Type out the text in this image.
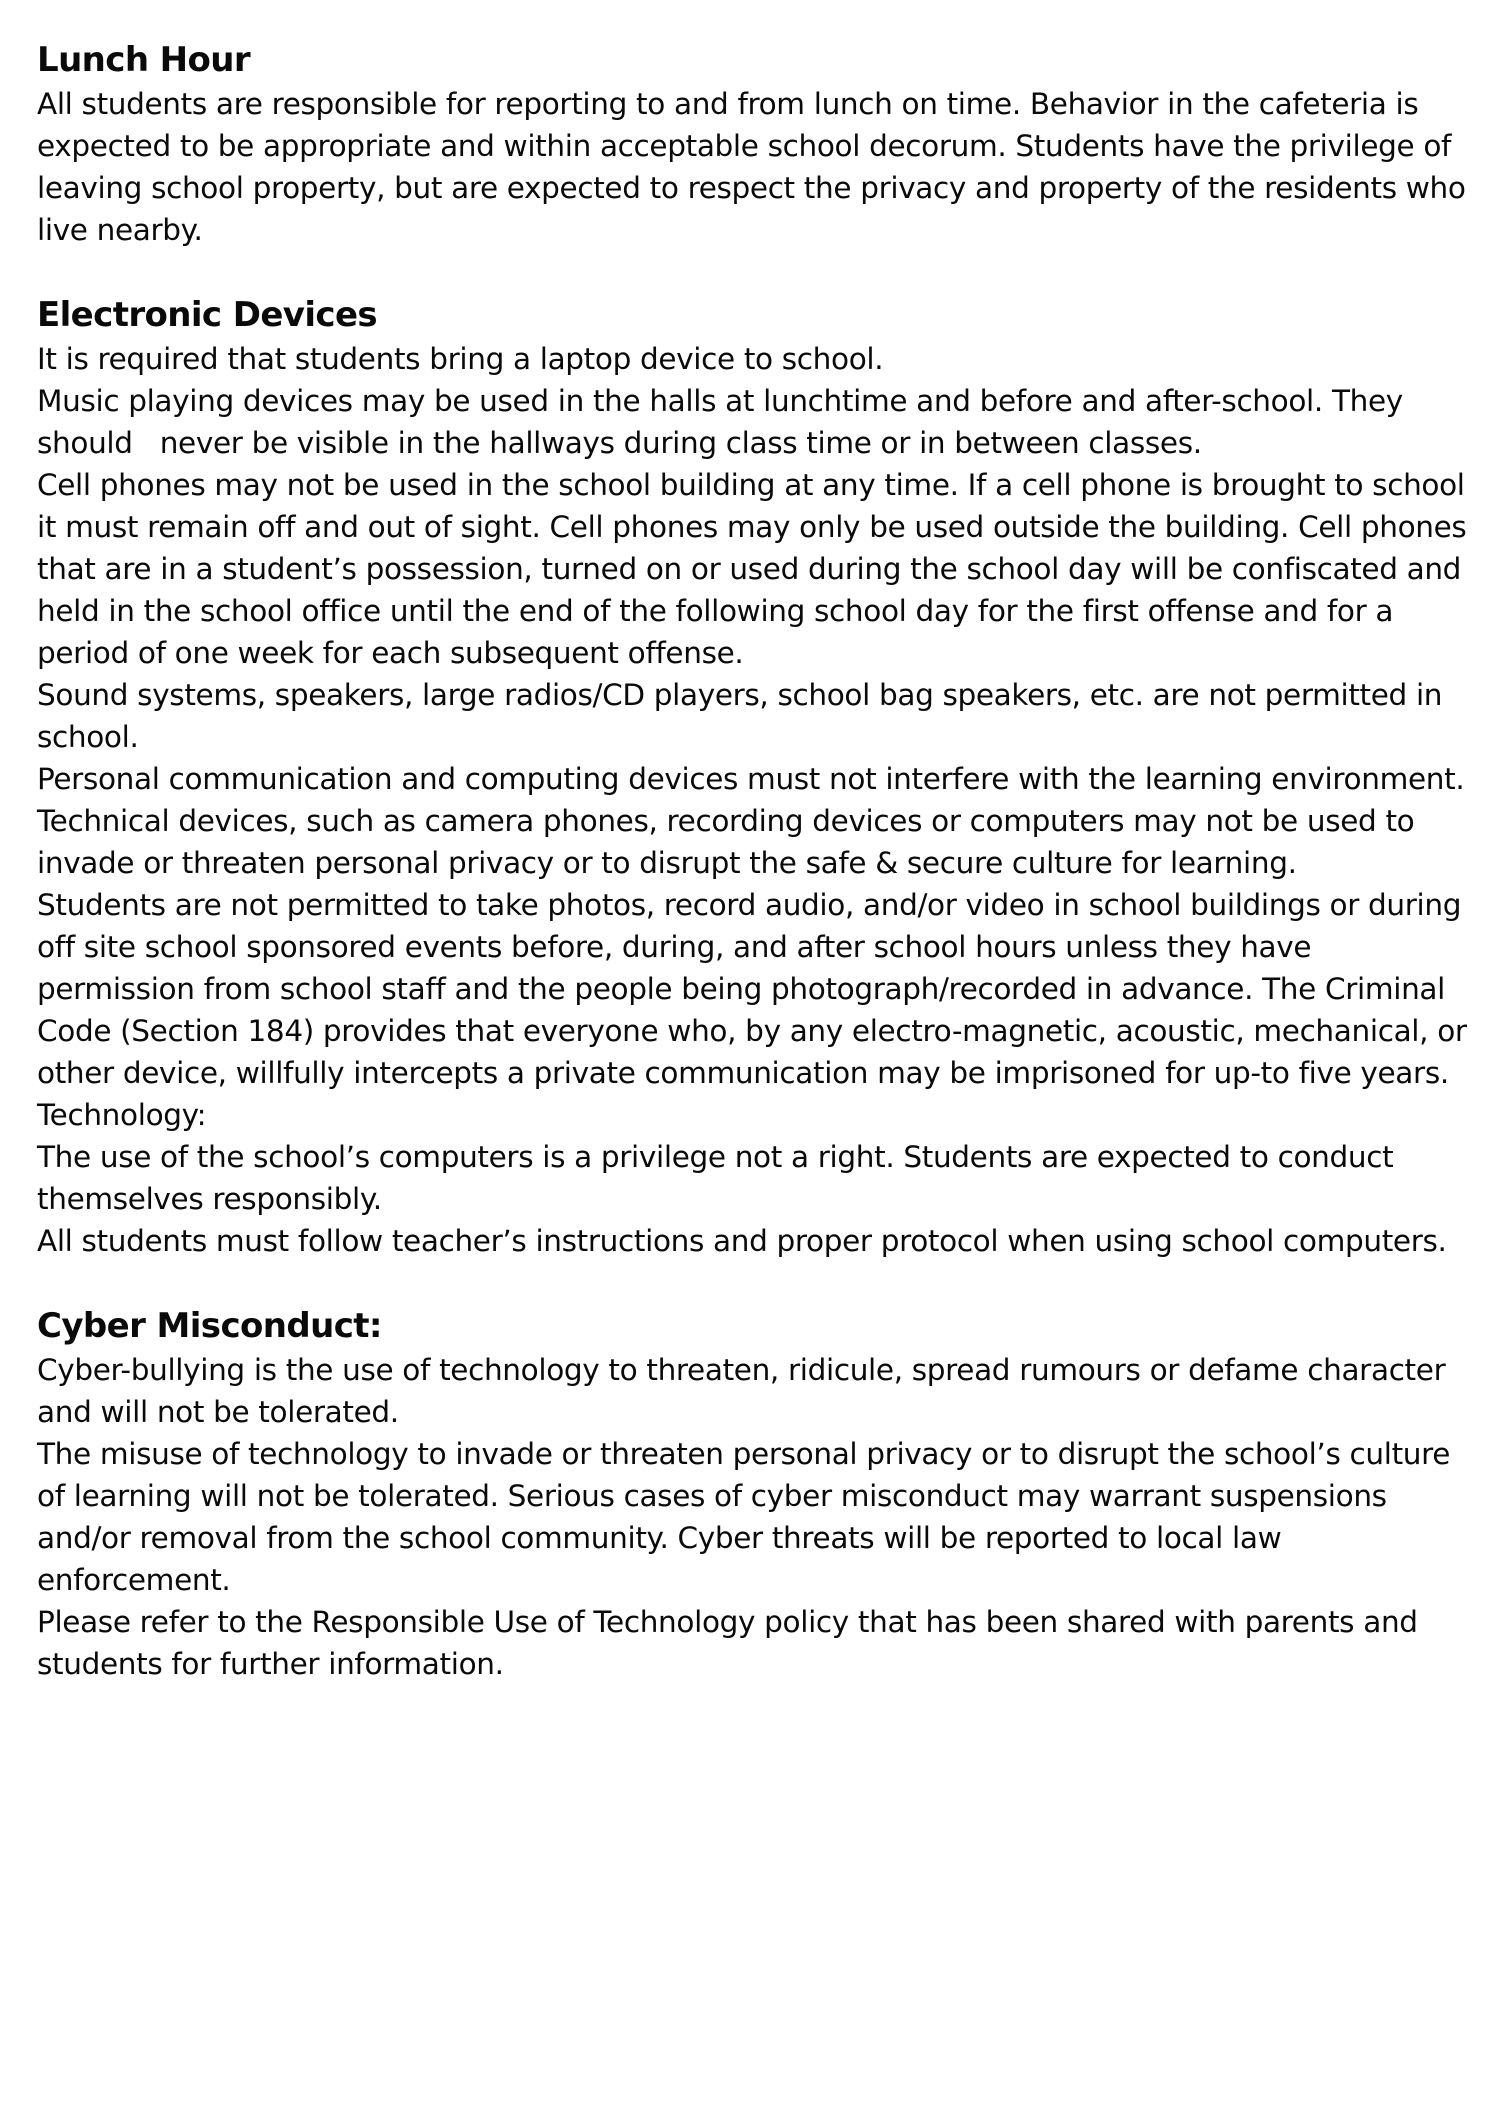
Lunch Hour

All students are responsible for reporting to and from lunch on time. Behavior in the cafeteria is expected to be appropriate and within acceptable school decorum. Students have the privilege of leaving school property, but are expected to respect the privacy and property of the residents who live nearby.

Electronic Devices

It is required that students bring a laptop device to school.

Music playing devices may be used in the halls at lunchtime and before and after-school. They should   never be visible in the hallways during class time or in between classes.

Cell phones may not be used in the school building at any time. If a cell phone is brought to school it must remain off and out of sight. Cell phones may only be used outside the building. Cell phones that are in a student’s possession, turned on or used during the school day will be confiscated and held in the school office until the end of the following school day for the first offense and for a period of one week for each subsequent offense.

Sound systems, speakers, large radios/CD players, school bag speakers, etc. are not permitted in school.

Personal communication and computing devices must not interfere with the learning environment.

Technical devices, such as camera phones, recording devices or computers may not be used to invade or threaten personal privacy or to disrupt the safe & secure culture for learning.

Students are not permitted to take photos, record audio, and/or video in school buildings or during off site school sponsored events before, during, and after school hours unless they have permission from school staff and the people being photograph/recorded in advance. The Criminal Code (Section 184) provides that everyone who, by any electro-magnetic, acoustic, mechanical, or other device, willfully intercepts a private communication may be imprisoned for up-to five years.

Technology:

The use of the school’s computers is a privilege not a right. Students are expected to conduct themselves responsibly.

All students must follow teacher’s instructions and proper protocol when using school computers.

Cyber Misconduct:

Cyber-bullying is the use of technology to threaten, ridicule, spread rumours or defame character and will not be tolerated.

The misuse of technology to invade or threaten personal privacy or to disrupt the school’s culture of learning will not be tolerated. Serious cases of cyber misconduct may warrant suspensions and/or removal from the school community. Cyber threats will be reported to local law enforcement.

Please refer to the Responsible Use of Technology policy that has been shared with parents and students for further information.
